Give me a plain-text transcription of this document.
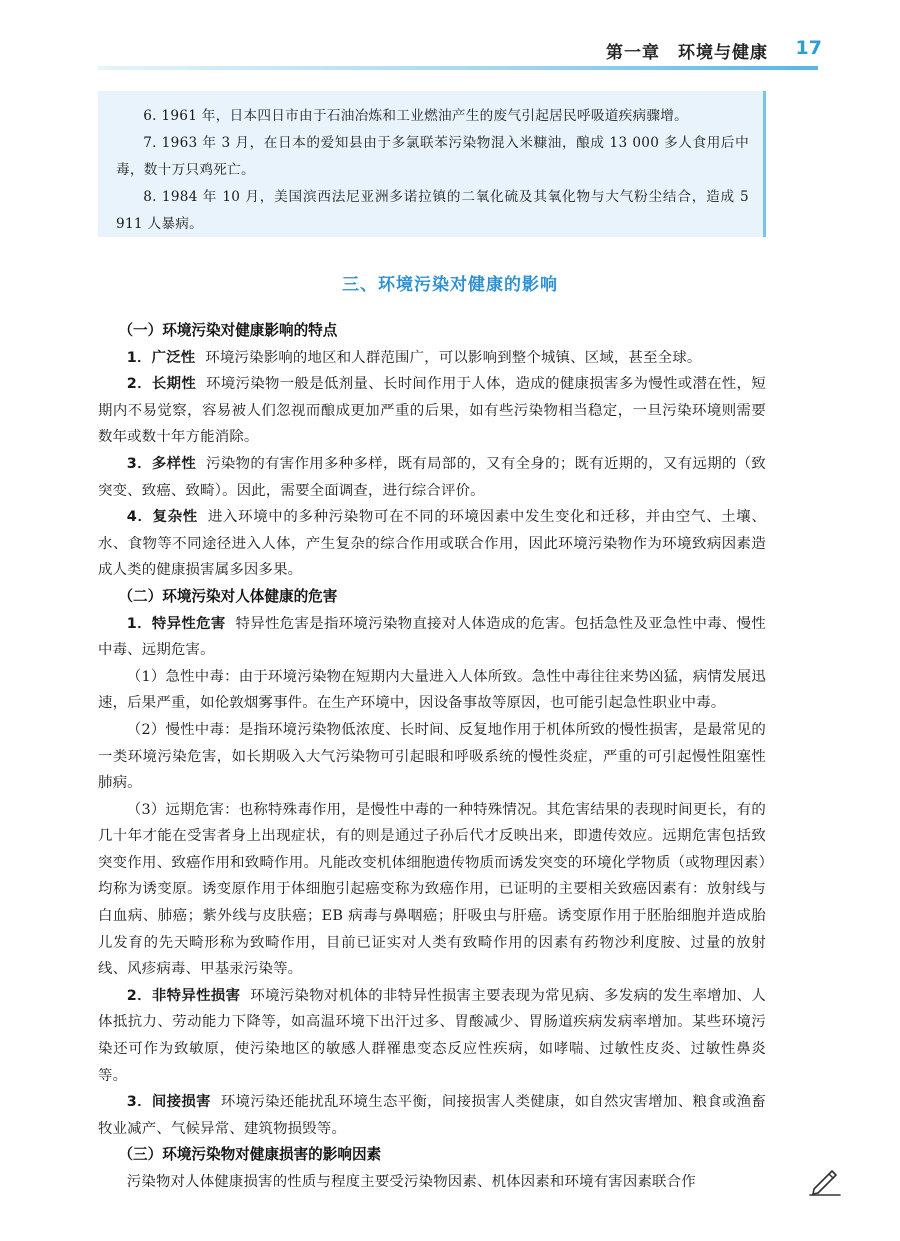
第一章　环境与健康 17

6. 1961 年，日本四日市由于石油冶炼和工业燃油产生的废气引起居民呼吸道疾病骤增。

7. 1963 年 3 月，在日本的爱知县由于多氯联苯污染物混入米糠油，酿成 13 000 多人食用后中毒，数十万只鸡死亡。

8. 1984 年 10 月，美国滨西法尼亚洲多诺拉镇的二氧化硫及其氧化物与大气粉尘结合，造成 5 911 人暴病。

三、环境污染对健康的影响
（一）环境污染对健康影响的特点

1．广泛性 环境污染影响的地区和人群范围广，可以影响到整个城镇、区域，甚至全球。

2．长期性 环境污染物一般是低剂量、长时间作用于人体，造成的健康损害多为慢性或潜在性，短期内不易觉察，容易被人们忽视而酿成更加严重的后果，如有些污染物相当稳定，一旦污染环境则需要数年或数十年方能消除。

3．多样性 污染物的有害作用多种多样，既有局部的，又有全身的；既有近期的，又有远期的（致突变、致癌、致畸）。因此，需要全面调查，进行综合评价。

4．复杂性 进入环境中的多种污染物可在不同的环境因素中发生变化和迁移，并由空气、土壤、水、食物等不同途径进入人体，产生复杂的综合作用或联合作用，因此环境污染物作为环境致病因素造成人类的健康损害属多因多果。

（二）环境污染对人体健康的危害

1．特异性危害 特异性危害是指环境污染物直接对人体造成的危害。包括急性及亚急性中毒、慢性中毒、远期危害。

（1）急性中毒：由于环境污染物在短期内大量进入人体所致。急性中毒往往来势凶猛，病情发展迅速，后果严重，如伦敦烟雾事件。在生产环境中，因设备事故等原因，也可能引起急性职业中毒。

（2）慢性中毒：是指环境污染物低浓度、长时间、反复地作用于机体所致的慢性损害，是最常见的一类环境污染危害，如长期吸入大气污染物可引起眼和呼吸系统的慢性炎症，严重的可引起慢性阻塞性肺病。

（3）远期危害：也称特殊毒作用，是慢性中毒的一种特殊情况。其危害结果的表现时间更长，有的几十年才能在受害者身上出现症状，有的则是通过子孙后代才反映出来，即遗传效应。远期危害包括致突变作用、致癌作用和致畸作用。凡能改变机体细胞遗传物质而诱发突变的环境化学物质（或物理因素）均称为诱变原。诱变原作用于体细胞引起癌变称为致癌作用，已证明的主要相关致癌因素有：放射线与白血病、肺癌；紫外线与皮肤癌；EB 病毒与鼻咽癌；肝吸虫与肝癌。诱变原作用于胚胎细胞并造成胎儿发育的先天畸形称为致畸作用，目前已证实对人类有致畸作用的因素有药物沙利度胺、过量的放射线、风疹病毒、甲基汞污染等。

2．非特异性损害 环境污染物对机体的非特异性损害主要表现为常见病、多发病的发生率增加、人体抵抗力、劳动能力下降等，如高温环境下出汗过多、胃酸减少、胃肠道疾病发病率增加。某些环境污染还可作为致敏原，使污染地区的敏感人群罹患变态反应性疾病，如哮喘、过敏性皮炎、过敏性鼻炎等。

3．间接损害 环境污染还能扰乱环境生态平衡，间接损害人类健康，如自然灾害增加、粮食或渔畜牧业减产、气候异常、建筑物损毁等。

（三）环境污染物对健康损害的影响因素

污染物对人体健康损害的性质与程度主要受污染物因素、机体因素和环境有害因素联合作
